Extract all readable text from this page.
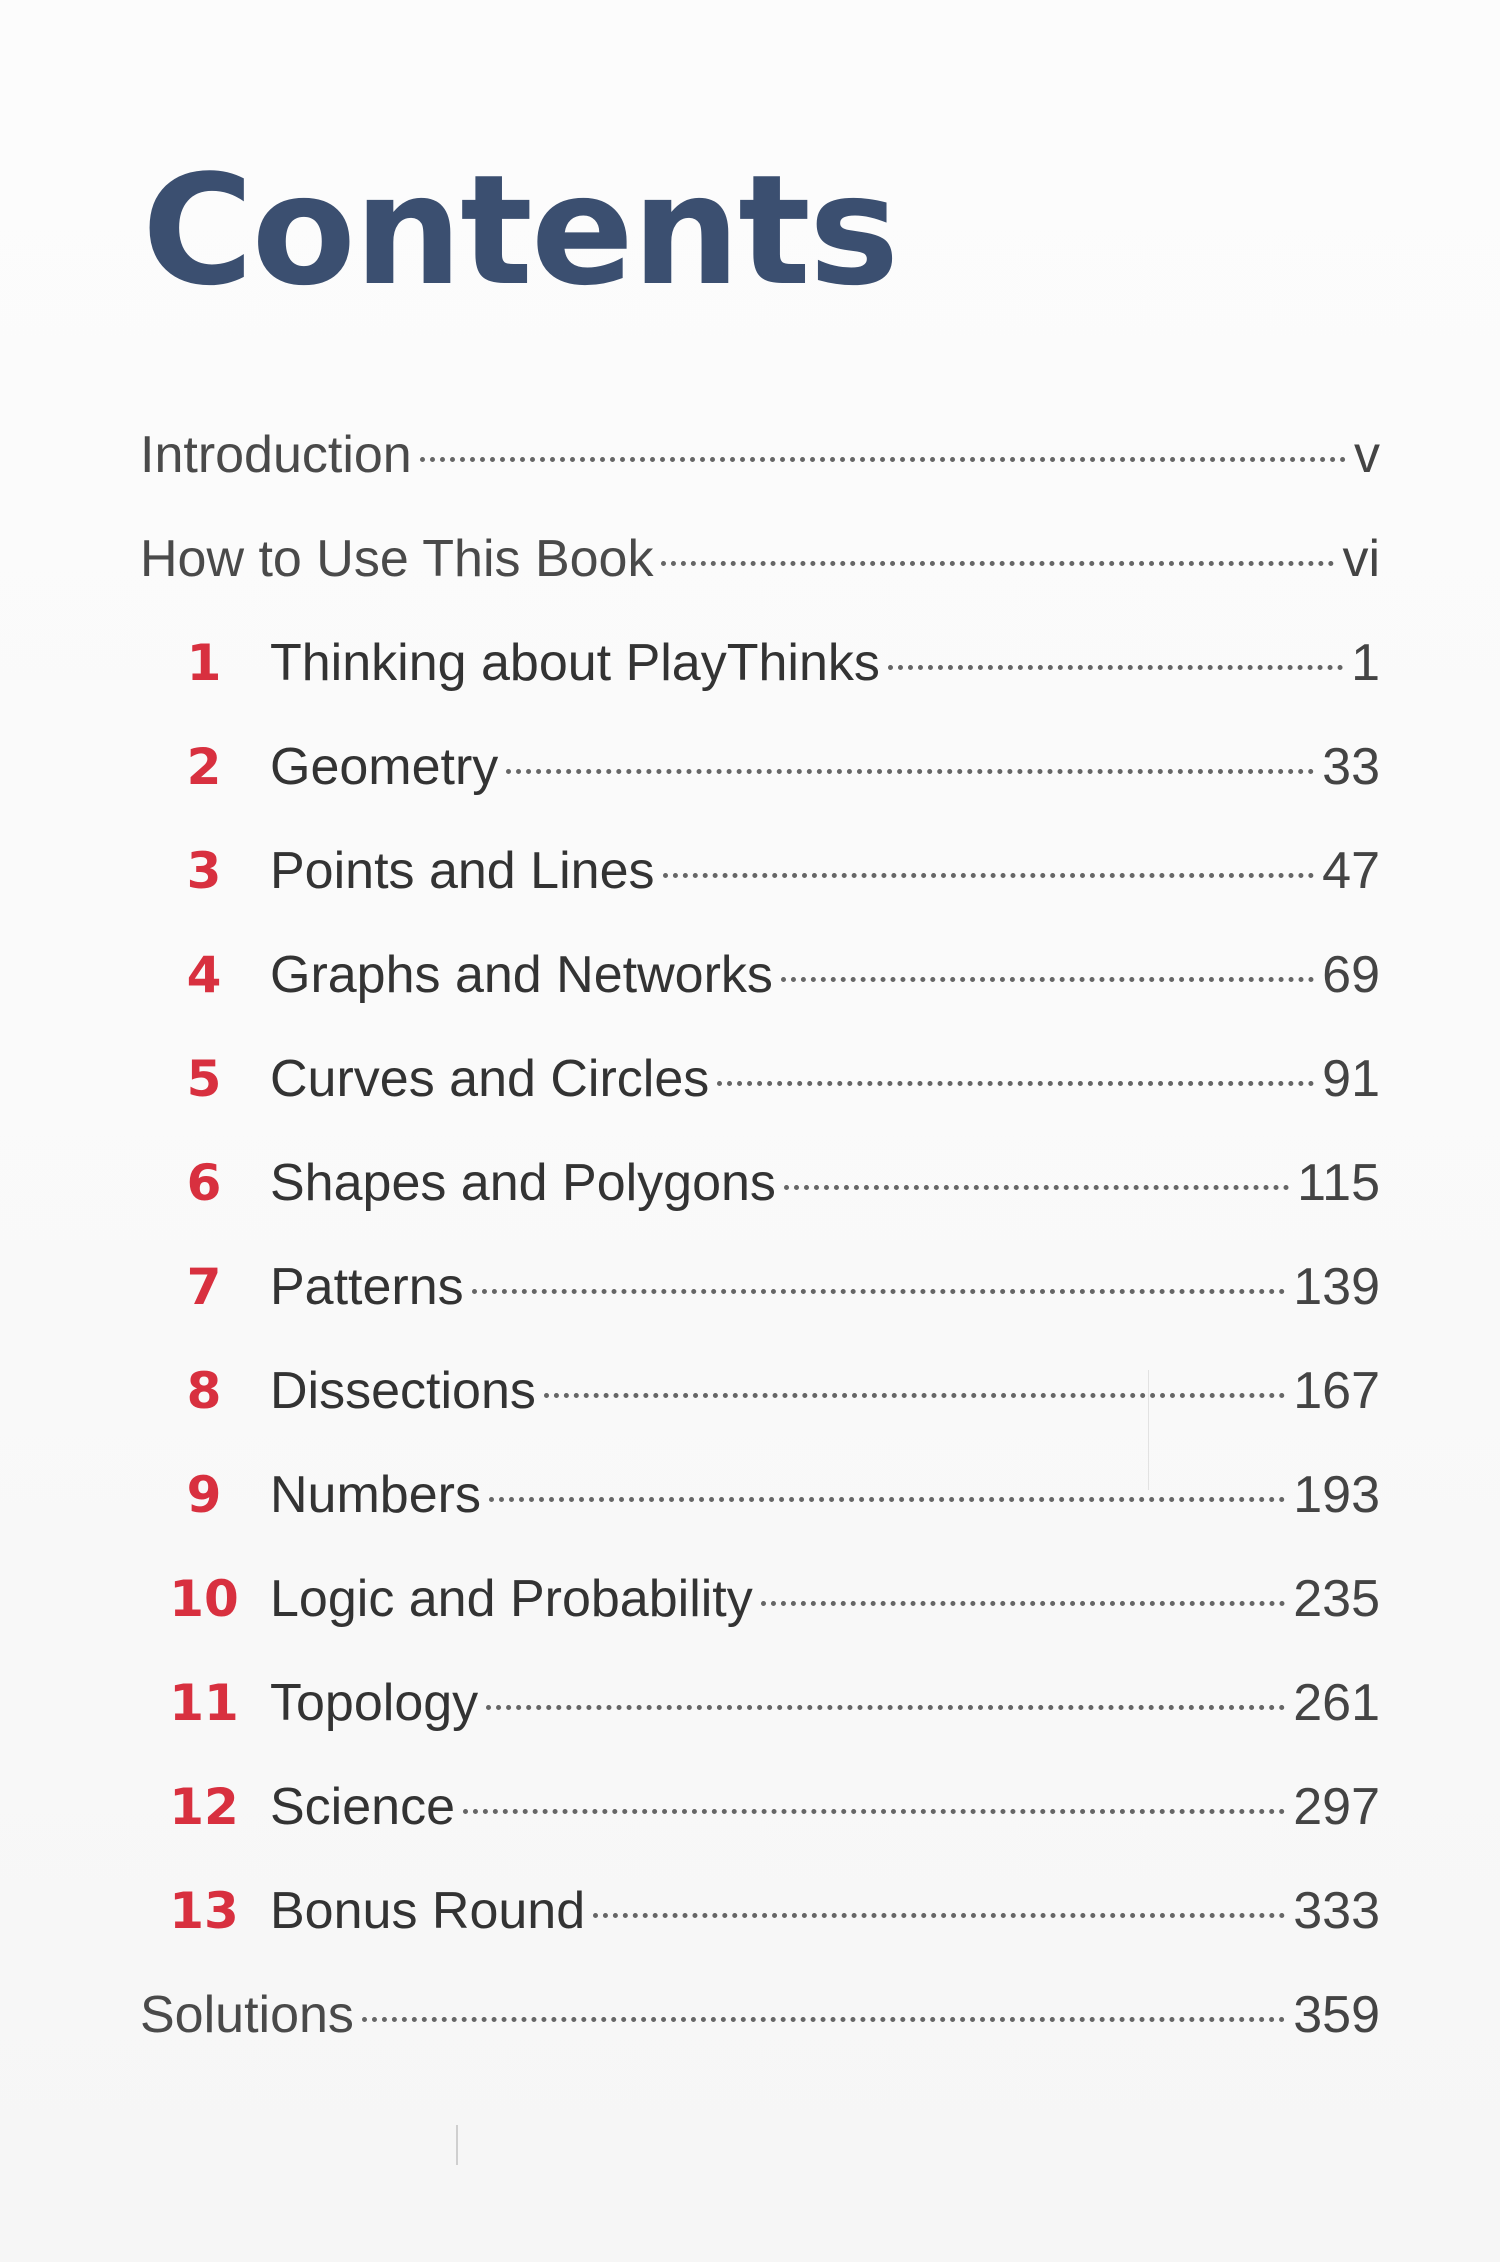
Contents
Introduction	v
How to Use This Book	vi
1 Thinking about PlayThinks	1
2 Geometry	33
3 Points and Lines	47
4 Graphs and Networks	69
5 Curves and Circles	91
6 Shapes and Polygons	115
7 Patterns	139
8 Dissections	167
9 Numbers	193
10 Logic and Probability	235
11 Topology	261
12 Science	297
13 Bonus Round	333
Solutions	359
